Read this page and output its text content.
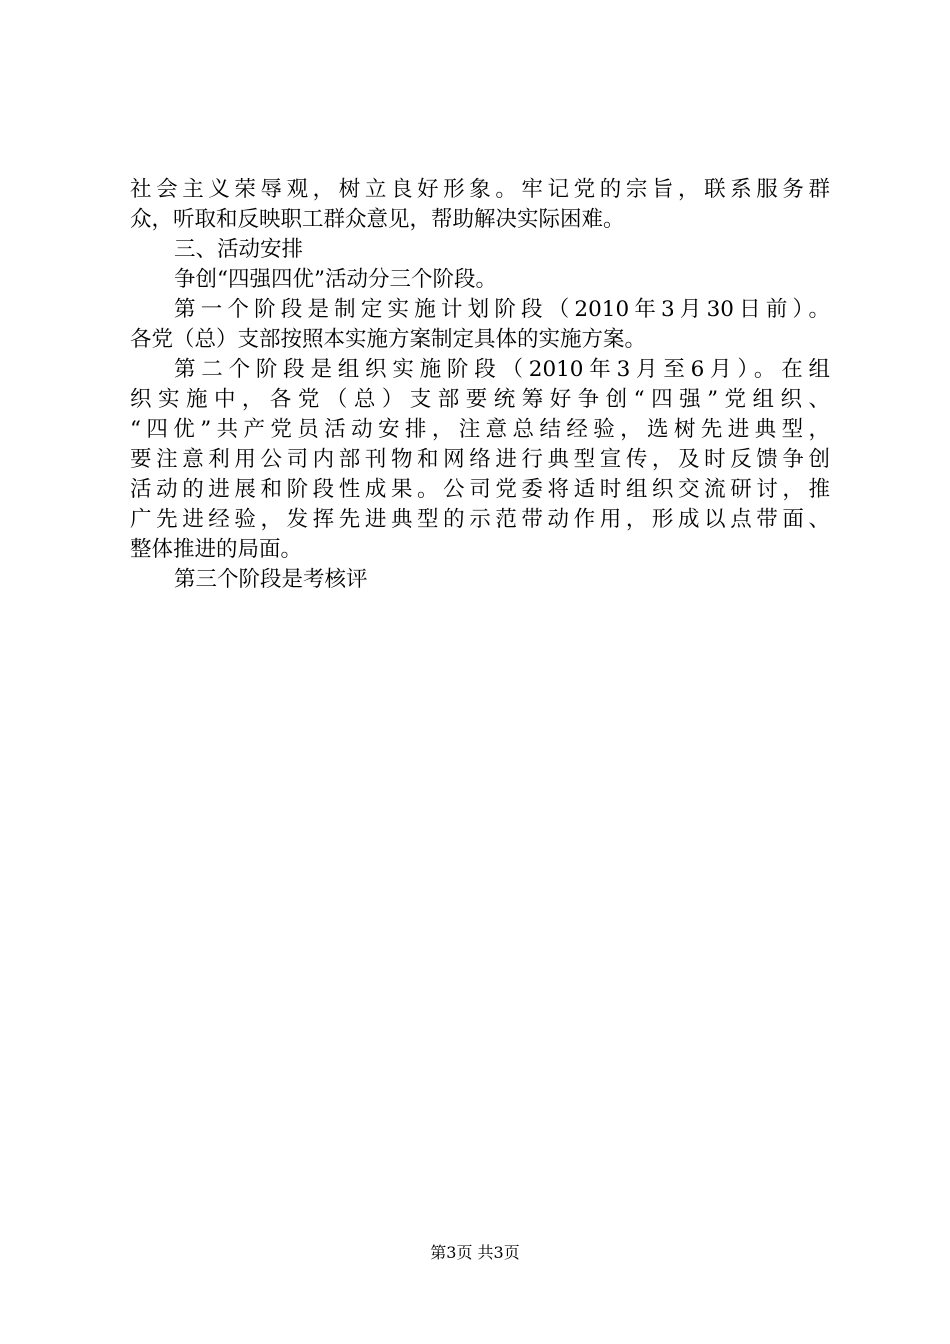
社会主义荣辱观，树立良好形象。牢记党的宗旨，联系服务群
众，听取和反映职工群众意见，帮助解决实际困难。
三、活动安排
争创“四强四优”活动分三个阶段。
第一个阶段是制定实施计划阶段（2010年3月30日前）。
各党（总）支部按照本实施方案制定具体的实施方案。
第二个阶段是组织实施阶段（2010年3月至6月）。在组
织实施中，各党（总）支部要统筹好争创“四强”党组织、
“四优”共产党员活动安排，注意总结经验，选树先进典型，
要注意利用公司内部刊物和网络进行典型宣传，及时反馈争创
活动的进展和阶段性成果。公司党委将适时组织交流研讨，推
广先进经验，发挥先进典型的示范带动作用，形成以点带面、
整体推进的局面。
第三个阶段是考核评
第3页 共3页
